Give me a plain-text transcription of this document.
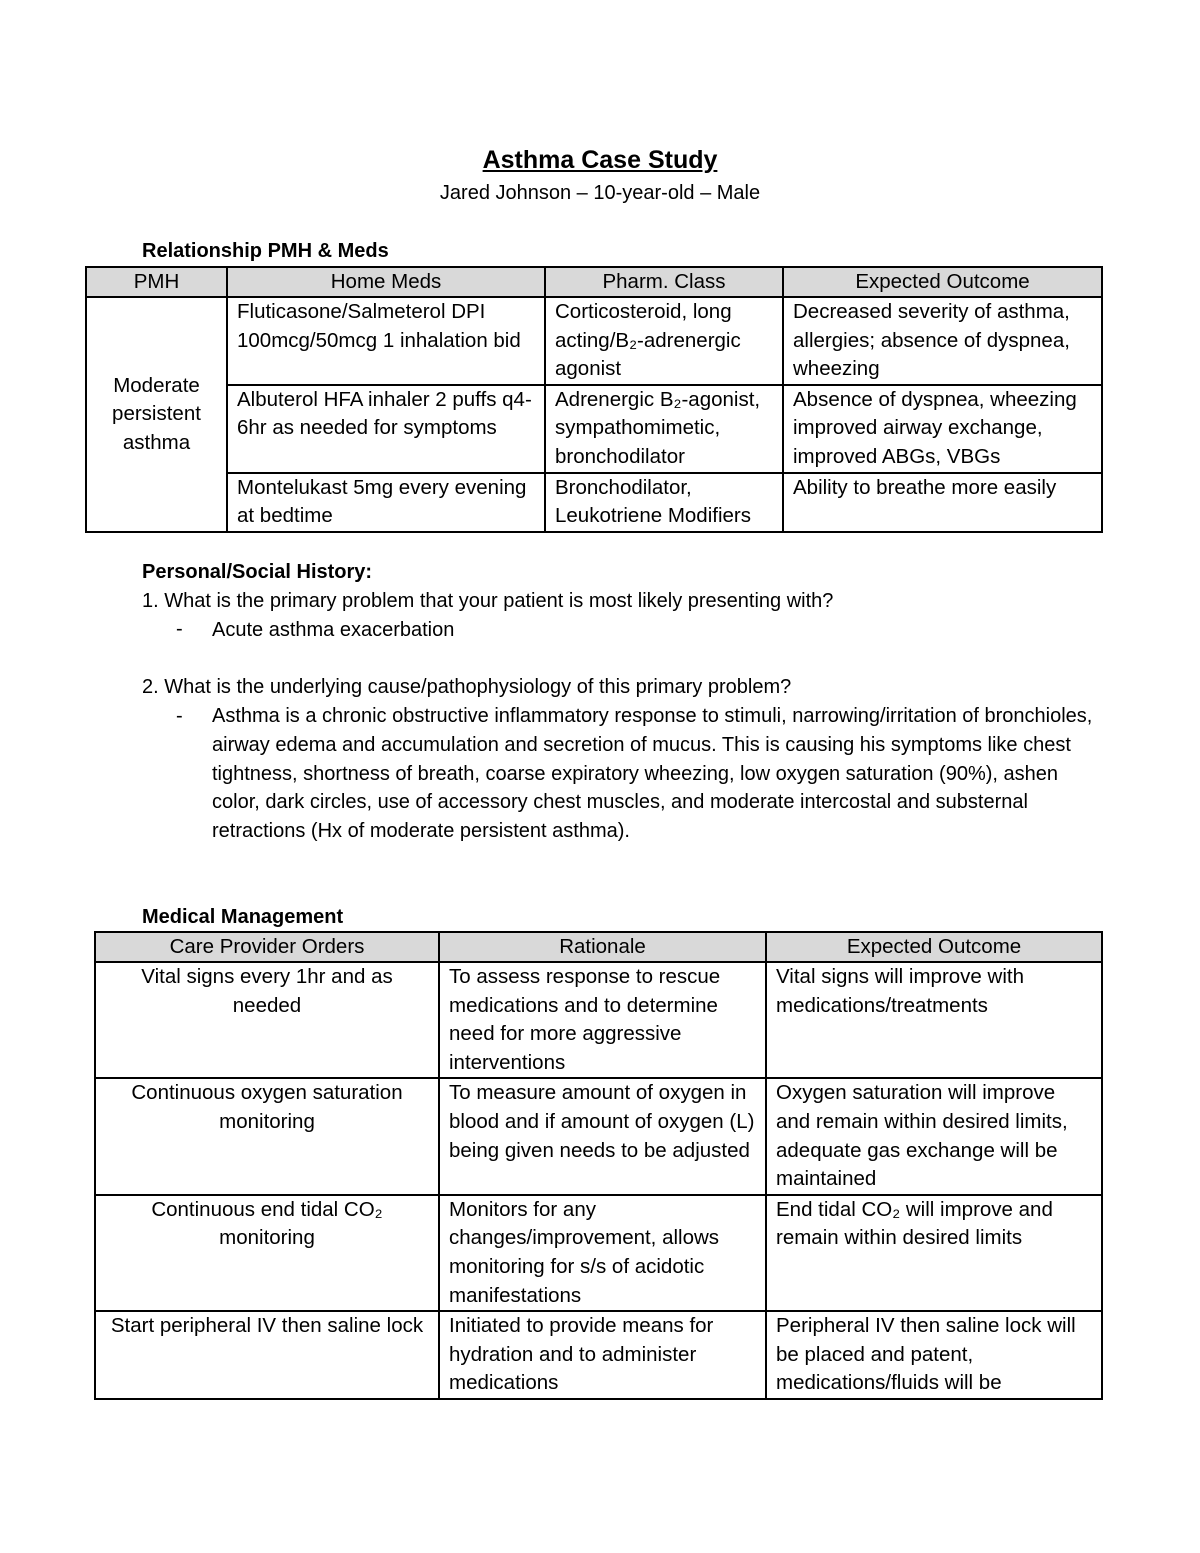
Asthma Case Study
Jared Johnson – 10-year-old – Male
Relationship PMH & Meds
PMH	Home Meds	Pharm. Class	Expected Outcome
Moderate persistent asthma	Fluticasone/Salmeterol DPI 100mcg/50mcg 1 inhalation bid	Corticosteroid, long acting/B₂-adrenergic agonist	Decreased severity of asthma, allergies; absence of dyspnea, wheezing
	Albuterol HFA inhaler 2 puffs q4-6hr as needed for symptoms	Adrenergic B₂-agonist, sympathomimetic, bronchodilator	Absence of dyspnea, wheezing improved airway exchange, improved ABGs, VBGs
	Montelukast 5mg every evening at bedtime	Bronchodilator, Leukotriene Modifiers	Ability to breathe more easily
Personal/Social History:
1. What is the primary problem that your patient is most likely presenting with?
- Acute asthma exacerbation
2. What is the underlying cause/pathophysiology of this primary problem?
- Asthma is a chronic obstructive inflammatory response to stimuli, narrowing/irritation of bronchioles, airway edema and accumulation and secretion of mucus. This is causing his symptoms like chest tightness, shortness of breath, coarse expiratory wheezing, low oxygen saturation (90%), ashen color, dark circles, use of accessory chest muscles, and moderate intercostal and substernal retractions (Hx of moderate persistent asthma).
Medical Management
Care Provider Orders	Rationale	Expected Outcome
Vital signs every 1hr and as needed	To assess response to rescue medications and to determine need for more aggressive interventions	Vital signs will improve with medications/treatments
Continuous oxygen saturation monitoring	To measure amount of oxygen in blood and if amount of oxygen (L) being given needs to be adjusted	Oxygen saturation will improve and remain within desired limits, adequate gas exchange will be maintained
Continuous end tidal CO₂ monitoring	Monitors for any changes/improvement, allows monitoring for s/s of acidotic manifestations	End tidal CO₂ will improve and remain within desired limits
Start peripheral IV then saline lock	Initiated to provide means for hydration and to administer medications	Peripheral IV then saline lock will be placed and patent, medications/fluids will be
